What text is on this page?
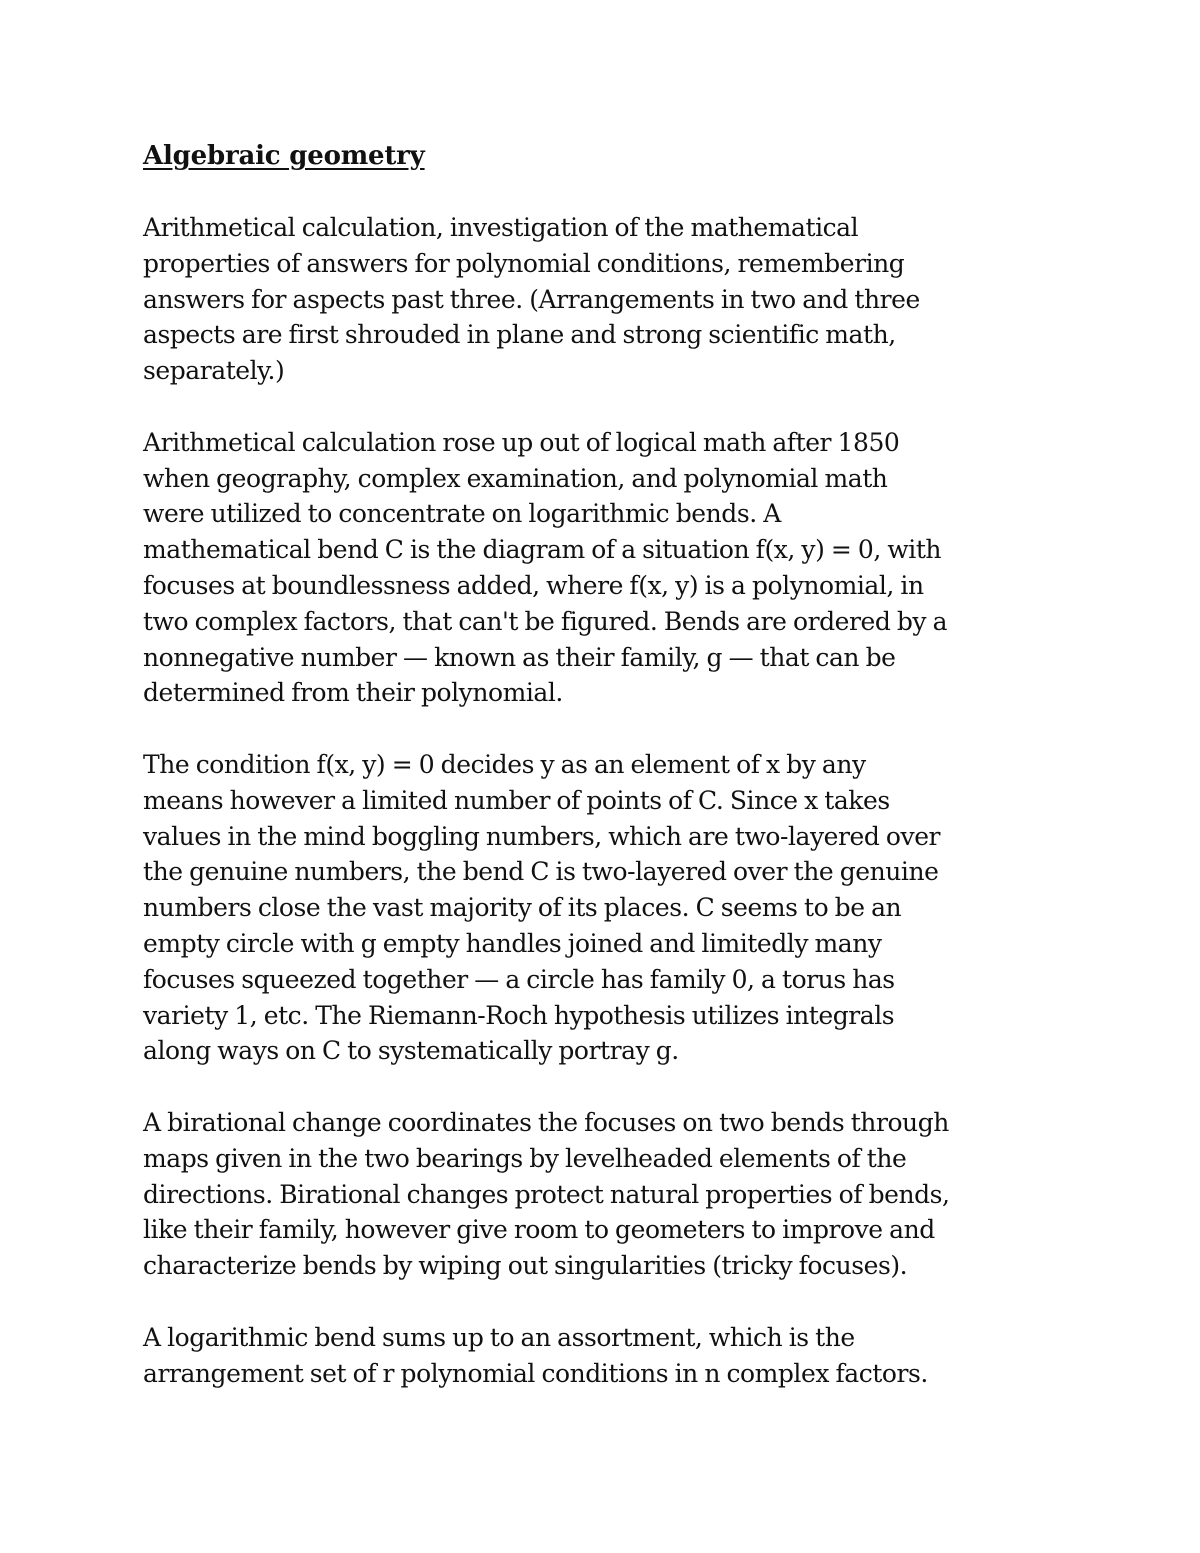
Algebraic geometry
Arithmetical calculation, investigation of the mathematical
properties of answers for polynomial conditions, remembering
answers for aspects past three. (Arrangements in two and three
aspects are first shrouded in plane and strong scientific math,
separately.)
Arithmetical calculation rose up out of logical math after 1850
when geography, complex examination, and polynomial math
were utilized to concentrate on logarithmic bends. A
mathematical bend C is the diagram of a situation f(x, y) = 0, with
focuses at boundlessness added, where f(x, y) is a polynomial, in
two complex factors, that can't be figured. Bends are ordered by a
nonnegative number — known as their family, g — that can be
determined from their polynomial.
The condition f(x, y) = 0 decides y as an element of x by any
means however a limited number of points of C. Since x takes
values in the mind boggling numbers, which are two-layered over
the genuine numbers, the bend C is two-layered over the genuine
numbers close the vast majority of its places. C seems to be an
empty circle with g empty handles joined and limitedly many
focuses squeezed together — a circle has family 0, a torus has
variety 1, etc. The Riemann-Roch hypothesis utilizes integrals
along ways on C to systematically portray g.
A birational change coordinates the focuses on two bends through
maps given in the two bearings by levelheaded elements of the
directions. Birational changes protect natural properties of bends,
like their family, however give room to geometers to improve and
characterize bends by wiping out singularities (tricky focuses).
A logarithmic bend sums up to an assortment, which is the
arrangement set of r polynomial conditions in n complex factors.
